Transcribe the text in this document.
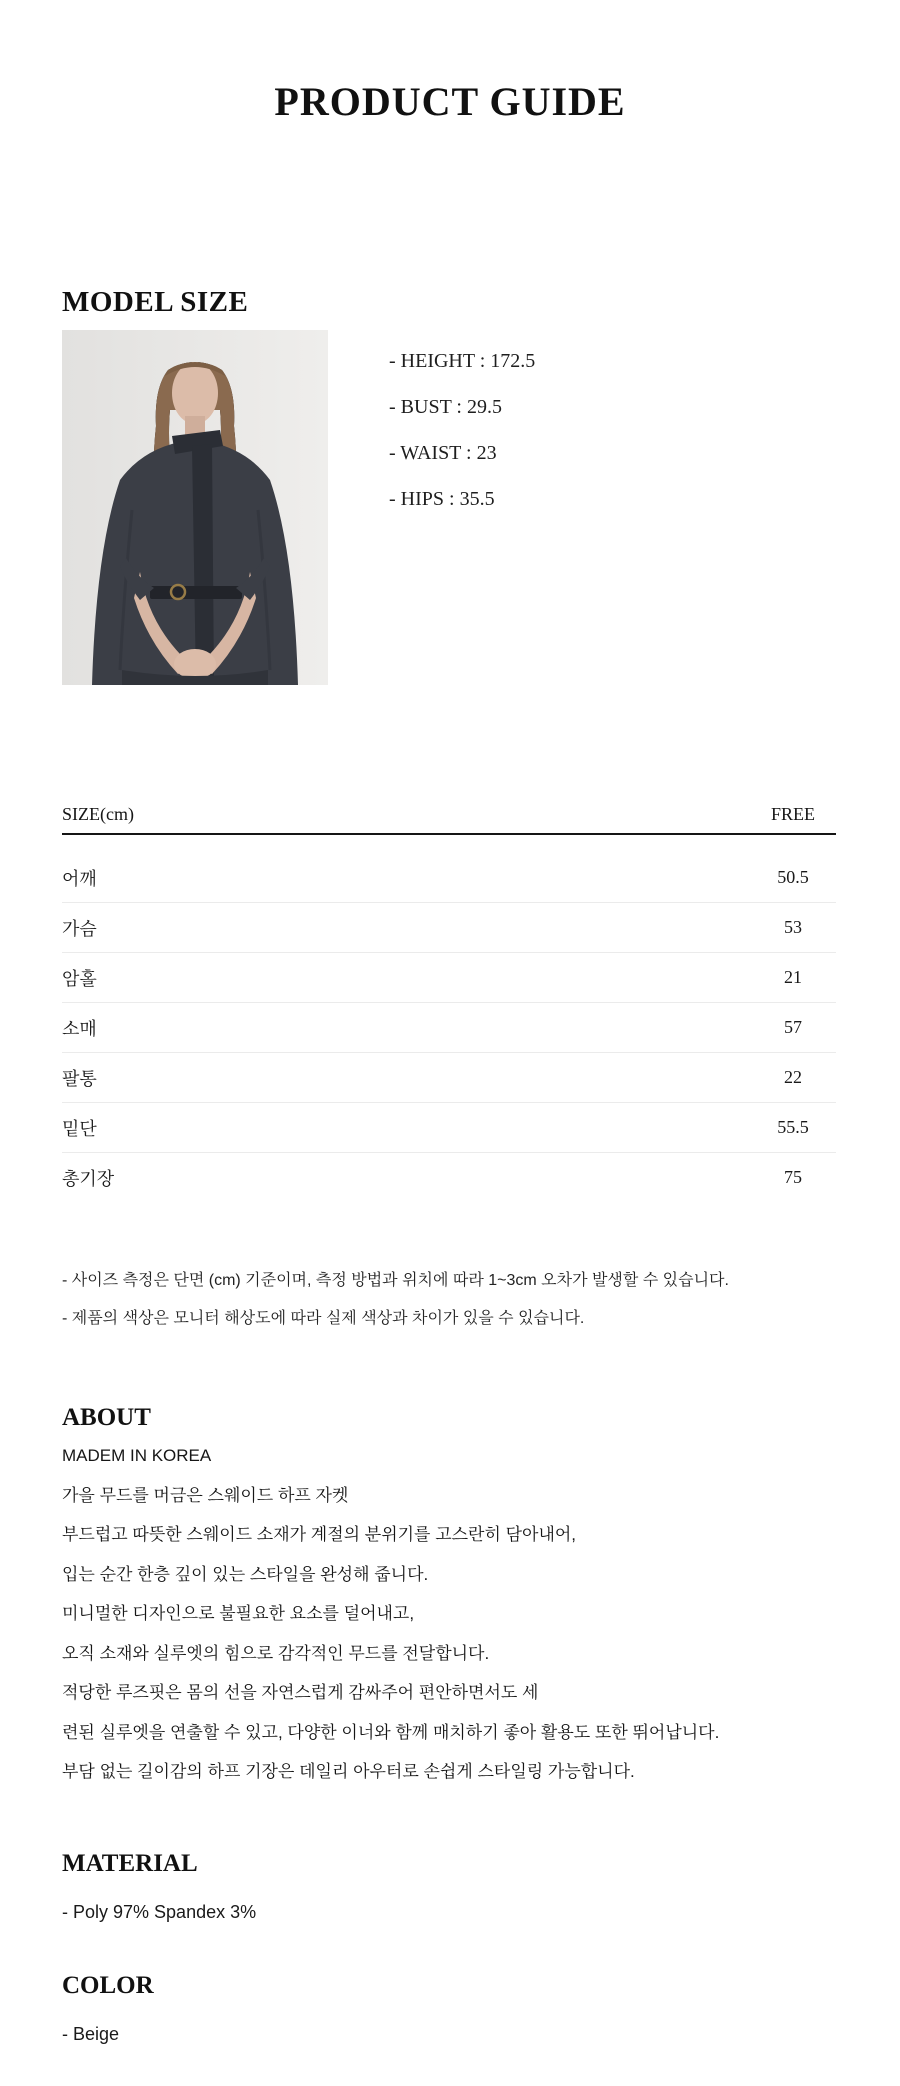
PRODUCT GUIDE
MODEL SIZE
- HEIGHT : 172.5
- BUST : 29.5
- WAIST : 23
- HIPS : 35.5
SIZE(cm)	FREE
어깨	50.5
가슴	53
암홀	21
소매	57
팔통	22
밑단	55.5
총기장	75
- 사이즈 측정은 단면 (cm) 기준이며, 측정 방법과 위치에 따라 1~3cm 오차가 발생할 수 있습니다.
- 제품의 색상은 모니터 해상도에 따라 실제 색상과 차이가 있을 수 있습니다.
ABOUT
MADEM IN KOREA
가을 무드를 머금은 스웨이드 하프 자켓
부드럽고 따뜻한 스웨이드 소재가 계절의 분위기를 고스란히 담아내어,
입는 순간 한층 깊이 있는 스타일을 완성해 줍니다.
미니멀한 디자인으로 불필요한 요소를 덜어내고,
오직 소재와 실루엣의 힘으로 감각적인 무드를 전달합니다.
적당한 루즈핏은 몸의 선을 자연스럽게 감싸주어 편안하면서도 세
련된 실루엣을 연출할 수 있고, 다양한 이너와 함께 매치하기 좋아 활용도 또한 뛰어납니다.
부담 없는 길이감의 하프 기장은 데일리 아우터로 손쉽게 스타일링 가능합니다.
MATERIAL
- Poly 97% Spandex 3%
COLOR
- Beige
